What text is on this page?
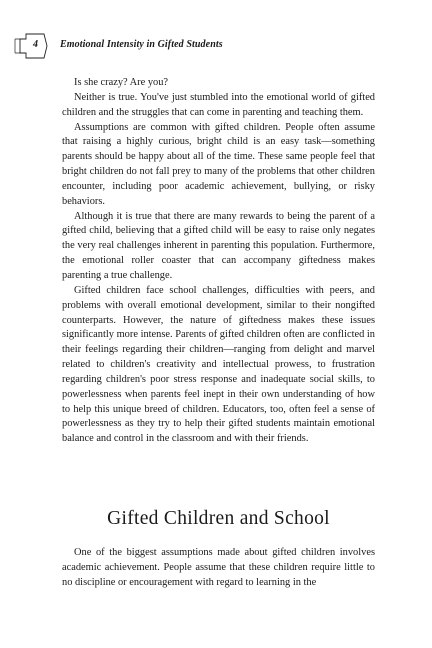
4 Emotional Intensity in Gifted Students

Is she crazy? Are you?

Neither is true. You've just stumbled into the emotional world of gifted children and the struggles that can come in parenting and teaching them.

Assumptions are common with gifted children. People often assume that raising a highly curious, bright child is an easy task—something parents should be happy about all of the time. These same people feel that bright children do not fall prey to many of the problems that other children encounter, including poor academic achievement, bullying, or risky behaviors.

Although it is true that there are many rewards to being the parent of a gifted child, believing that a gifted child will be easy to raise only negates the very real challenges inherent in parenting this population. Furthermore, the emotional roller coaster that can accompany giftedness makes parenting a true challenge.

Gifted children face school challenges, difficulties with peers, and problems with overall emotional development, similar to their nongifted counterparts. However, the nature of giftedness makes these issues significantly more intense. Parents of gifted children often are conflicted in their feelings regarding their children—ranging from delight and marvel related to children's creativity and intellectual prowess, to frustration regarding children's poor stress response and inadequate social skills, to powerlessness when parents feel inept in their own understanding of how to help this unique breed of children. Educators, too, often feel a sense of powerlessness as they try to help their gifted students maintain emotional balance and control in the classroom and with their friends.

Gifted Children and School

One of the biggest assumptions made about gifted children involves academic achievement. People assume that these children require little to no discipline or encouragement with regard to learning in the
